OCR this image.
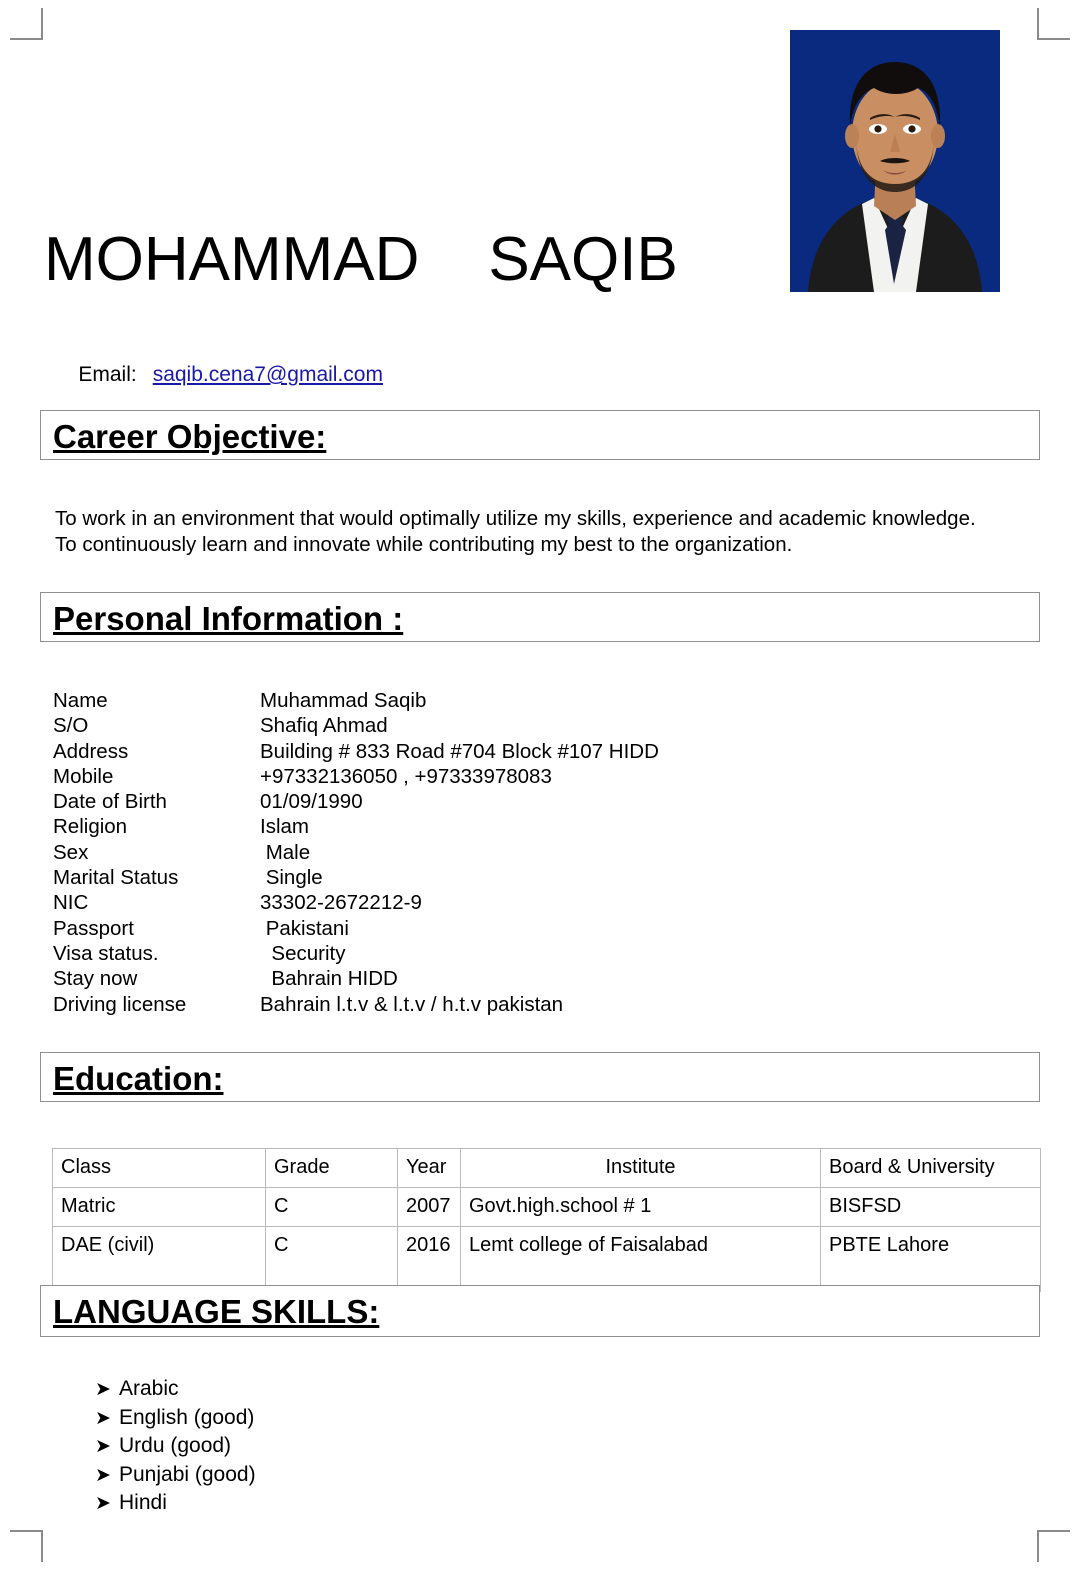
MOHAMMAD    SAQIB

Email: saqib.cena7@gmail.com

Career Objective:
To work in an environment that would optimally utilize my skills, experience and academic knowledge.
To continuously learn and innovate while contributing my best to the organization.
Personal Information :
Name	Muhammad Saqib
S/O	Shafiq Ahmad
Address	Building # 833 Road #704 Block #107 HIDD
Mobile	+97332136050 , +97333978083
Date of Birth	01/09/1990
Religion	Islam
Sex	Male
Marital Status	Single
NIC	33302-2672212-9
Passport	Pakistani
Visa status.	Security
Stay now	Bahrain HIDD
Driving license	Bahrain l.t.v & l.t.v / h.t.v pakistan
Education:
Class	Grade	Year	Institute	Board & University
Matric	C	2007	Govt.high.school # 1	BISFSD
DAE (civil)	C	2016	Lemt college of Faisalabad	PBTE Lahore
LANGUAGE SKILLS:
➤ Arabic
➤ English (good)
➤ Urdu (good)
➤ Punjabi (good)
➤ Hindi
